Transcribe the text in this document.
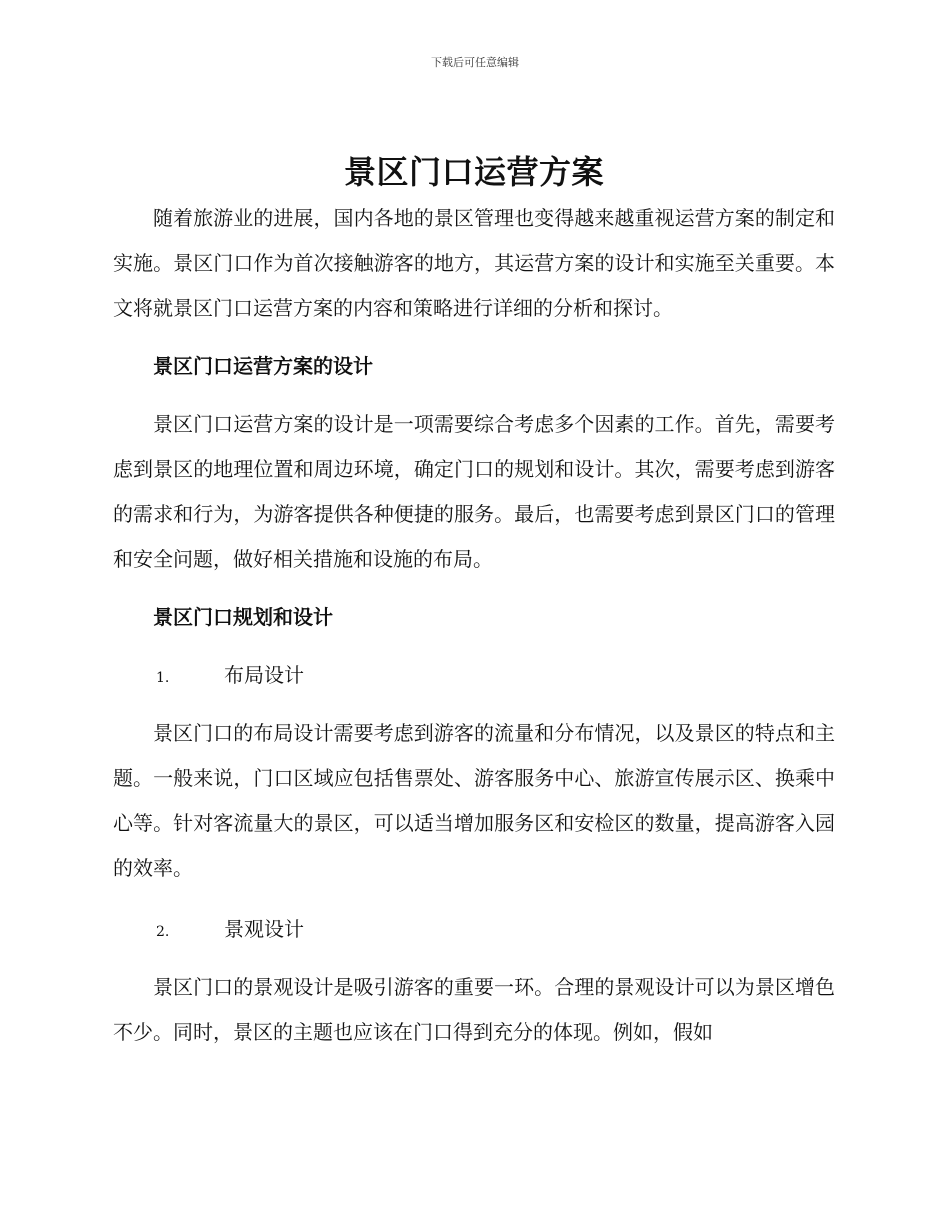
下载后可任意编辑
景区门口运营方案

随着旅游业的进展，国内各地的景区管理也变得越来越重视运营方案的制定和实施。景区门口作为首次接触游客的地方，其运营方案的设计和实施至关重要。本文将就景区门口运营方案的内容和策略进行详细的分析和探讨。

景区门口运营方案的设计

景区门口运营方案的设计是一项需要综合考虑多个因素的工作。首先，需要考虑到景区的地理位置和周边环境，确定门口的规划和设计。其次，需要考虑到游客的需求和行为，为游客提供各种便捷的服务。最后，也需要考虑到景区门口的管理和安全问题，做好相关措施和设施的布局。

景区门口规划和设计

1.	布局设计

景区门口的布局设计需要考虑到游客的流量和分布情况，以及景区的特点和主题。一般来说，门口区域应包括售票处、游客服务中心、旅游宣传展示区、换乘中心等。针对客流量大的景区，可以适当增加服务区和安检区的数量，提高游客入园的效率。

2.	景观设计

景区门口的景观设计是吸引游客的重要一环。合理的景观设计可以为景区增色不少。同时，景区的主题也应该在门口得到充分的体现。例如，假如
